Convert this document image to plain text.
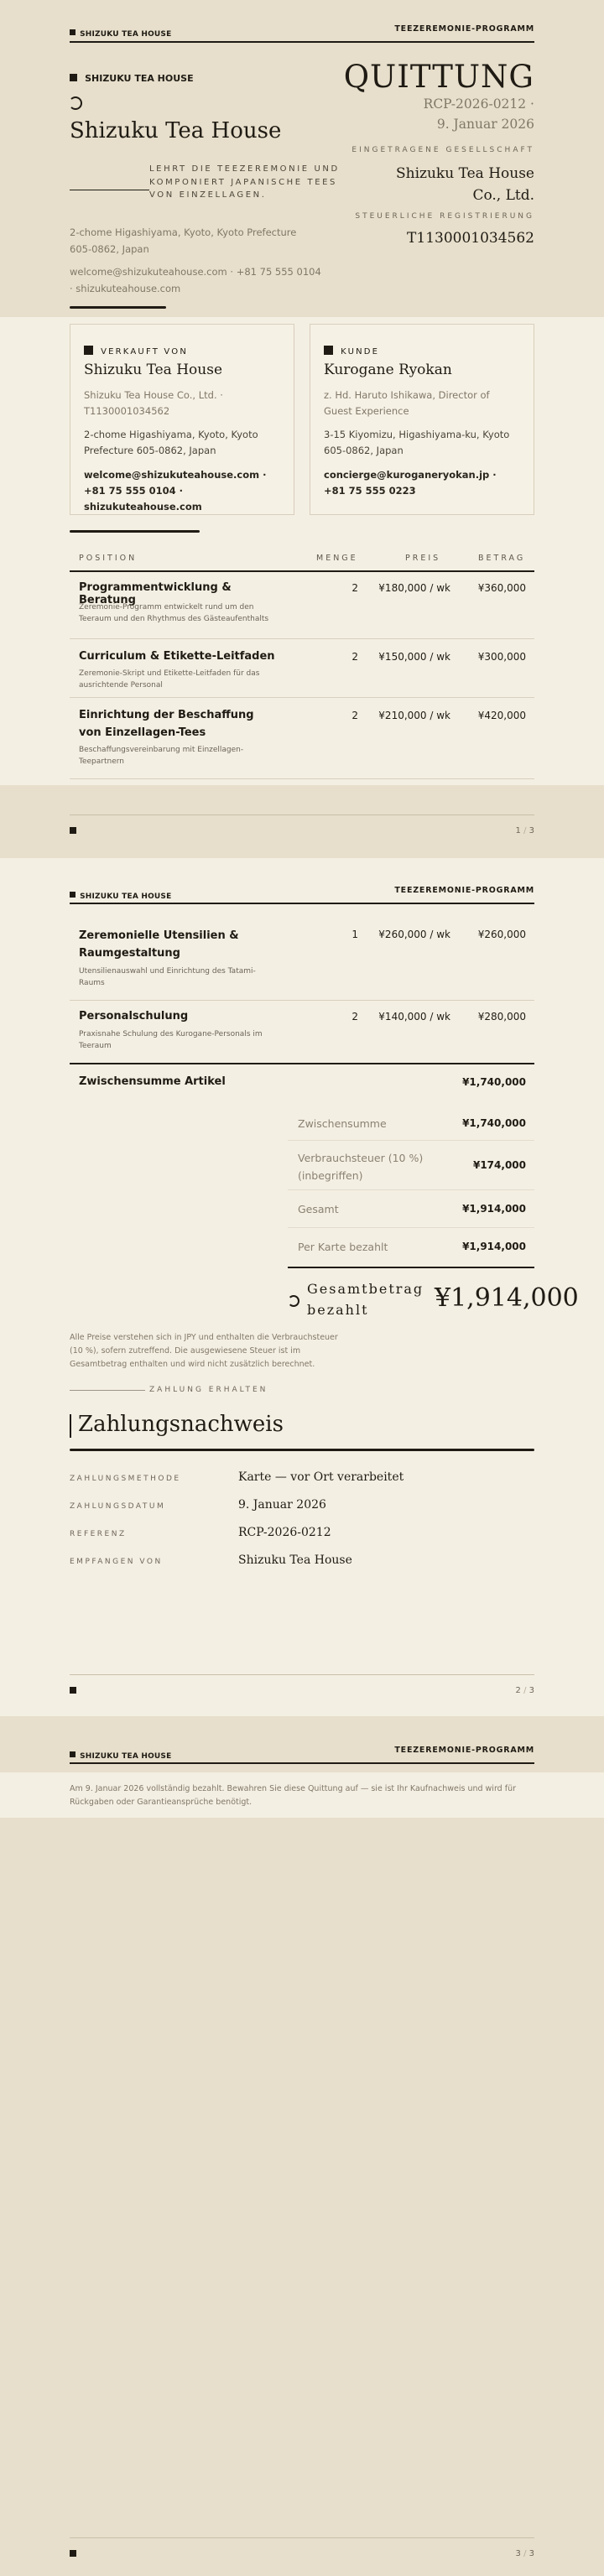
SHIZUKU TEA HOUSE
TEEZEREMONIE-PROGRAMM
SHIZUKU TEA HOUSE
Shizuku Tea House
LEHRT DIE TEEZEREMONIE UND KOMPONIERT JAPANISCHE TEES VON EINZELLAGEN.
2-chome Higashiyama, Kyoto, Kyoto Prefecture 605-0862, Japan
welcome@shizukuteahouse.com · +81 75 555 0104 · shizukuteahouse.com
QUITTUNG
RCP-2026-0212 · 9. Januar 2026
EINGETRAGENE GESELLSCHAFT
Shizuku Tea House Co., Ltd.
STEUERLICHE REGISTRIERUNG
T1130001034562
VERKAUFT VON
Shizuku Tea House
Shizuku Tea House Co., Ltd. · T1130001034562
2-chome Higashiyama, Kyoto, Kyoto Prefecture 605-0862, Japan
welcome@shizukuteahouse.com · +81 75 555 0104 · shizukuteahouse.com
KUNDE
Kurogane Ryokan
z. Hd. Haruto Ishikawa, Director of Guest Experience
3-15 Kiyomizu, Higashiyama-ku, Kyoto 605-0862, Japan
concierge@kuroganeryokan.jp · +81 75 555 0223
POSITION	MENGE	PREIS	BETRAG
Programmentwicklung & Beratung
Zeremonie-Programm entwickelt rund um den Teeraum und den Rhythmus des Gästeaufenthalts
2 ¥180,000 / wk	¥360,000
Curriculum & Etikette-Leitfaden
Zeremonie-Skript und Etikette-Leitfaden für das ausrichtende Personal
2 ¥150,000 / wk	¥300,000
Einrichtung der Beschaffung von Einzellagen-Tees
Beschaffungsvereinbarung mit Einzellagen-Teepartnern
2 ¥210,000 / wk	¥420,000
1 / 3
SHIZUKU TEA HOUSE
TEEZEREMONIE-PROGRAMM
Zeremonielle Utensilien & Raumgestaltung
Utensilienauswahl und Einrichtung des Tatami-Raums
1 ¥260,000 / wk	¥260,000
Personalschulung
Praxisnahe Schulung des Kurogane-Personals im Teeraum
2 ¥140,000 / wk	¥280,000
Zwischensumme Artikel	¥1,740,000
Zwischensumme	¥1,740,000
Verbrauchsteuer (10 %) (inbegriffen)
¥174,000
Gesamt	¥1,914,000
Per Karte bezahlt	¥1,914,000
Gesamtbetrag bezahlt	¥1,914,000
Alle Preise verstehen sich in JPY und enthalten die Verbrauchsteuer (10 %), sofern zutreffend. Die ausgewiesene Steuer ist im Gesamtbetrag enthalten und wird nicht zusätzlich berechnet.
ZAHLUNG ERHALTEN
Zahlungsnachweis
ZAHLUNGSMETHODE	Karte — vor Ort verarbeitet
ZAHLUNGSDATUM	9. Januar 2026
REFERENZ	RCP-2026-0212
EMPFANGEN VON	Shizuku Tea House
2 / 3
SHIZUKU TEA HOUSE
TEEZEREMONIE-PROGRAMM
Am 9. Januar 2026 vollständig bezahlt. Bewahren Sie diese Quittung auf — sie ist Ihr Kaufnachweis und wird für Rückgaben oder Garantieansprüche benötigt.
3 / 3
